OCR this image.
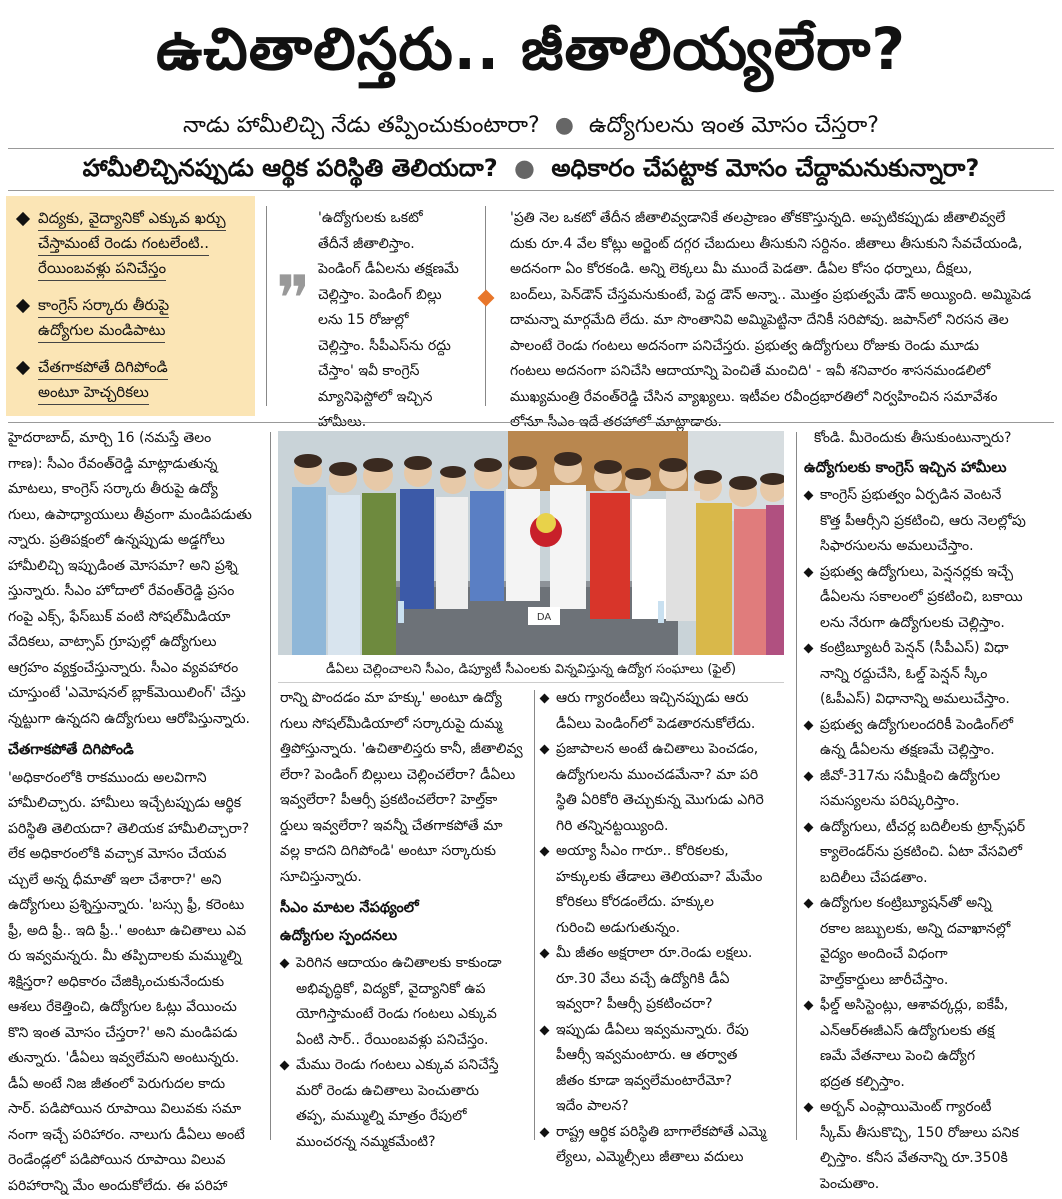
ఉచితాలిస్తరు.. జీతాలియ్యలేరా?
నాడు హామీలిచ్చి నేడు తప్పించుకుంటారా? ● ఉద్యోగులను ఇంత మోసం చేస్తరా?
హామీలిచ్చినప్పుడు ఆర్థిక పరిస్థితి తెలియదా? ● అధికారం చేపట్టాక మోసం చేద్దామనుకున్నారా?
విద్యకు, వైద్యానికో ఎక్కువ ఖర్చు చేస్తామంటే రెండు గంటలేంటి.. రేయింబవళ్లు పనిచేస్తం
కాంగ్రెస్ సర్కారు తీరుపై ఉద్యోగుల మండిపాటు
చేతగాకపోతే దిగిపోండి అంటూ హెచ్చరికలు
❞
'ఉద్యోగులకు ఒకటో
తేదీనే జీతాలిస్తాం.
పెండింగ్ డీఏలను తక్షణమే
చెల్లిస్తాం. పెండింగ్ బిల్లు
లను 15 రోజుల్లో
చెల్లిస్తాం. సీపీఎస్‌ను రద్దు
చేస్తాం' ఇవీ కాంగ్రెస్
మ్యానిఫెస్టోలో ఇచ్చిన
హామీలు.
'ప్రతి నెల ఒకటో తేదీన జీతాలివ్వడానికే తలప్రాణం తోకకొస్తున్నది. అప్పటికప్పుడు జీతాలివ్వలే
దుకు రూ.4 వేల కోట్లు అర్జెంట్ దగ్గర చేబదులు తీసుకుని సర్దినం. జీతాలు తీసుకుని సేవచేయండి,
అదనంగా ఏం కోరకండి. అన్ని లెక్కలు మీ ముందే పెడతా. డీఏల కోసం ధర్నాలు, దీక్షలు,
బంద్‌లు, పెన్‌డౌన్ చేస్తమనుకుంటే, పెద్ద డౌన్ అన్నా.. మొత్తం ప్రభుత్వమే డౌన్ అయ్యింది. అమ్మిపెడ
దామన్నా మార్గమేది లేదు. మా సొంతానివి అమ్మిపెట్టినా దేనికీ సరిపోవు. జపాన్‌లో నిరసన తెల
పాలంటే రెండు గంటలు అదనంగా పనిచేస్తరు. ప్రభుత్వ ఉద్యోగులు రోజుకు రెండు మూడు
గంటలు అదనంగా పనిచేసి ఆదాయాన్ని పెంచితే మంచిది' - ఇవీ శనివారం శాసనమండలిలో
ముఖ్యమంత్రి రేవంత్‌రెడ్డి చేసిన వ్యాఖ్యలు. ఇటీవల రవీంద్రభారతిలో నిర్వహించిన సమావేశం
లోనూ సీఎం ఇదే తరహాలో మాట్లాడారు.
హైదరాబాద్, మార్చి 16 (నమస్తే తెలం
గాణ): సీఎం రేవంత్‌రెడ్డి మాట్లాడుతున్న
మాటలు, కాంగ్రెస్ సర్కారు తీరుపై ఉద్యో
గులు, ఉపాధ్యాయులు తీవ్రంగా మండిపడుతు
న్నారు. ప్రతిపక్షంలో ఉన్నప్పుడు అడ్డగోలు
హామీలిచ్చి ఇప్పుడింత మోసమా? అని ప్రశ్ని
స్తున్నారు. సీఎం హోదాలో రేవంత్‌రెడ్డి ప్రసం
గంపై ఎక్స్, ఫేస్‌బుక్ వంటి సోషల్‌మీడియా
వేదికలు, వాట్సాప్ గ్రూపుల్లో ఉద్యోగులు
ఆగ్రహం వ్యక్తంచేస్తున్నారు. సీఎం వ్యవహారం
చూస్తుంటే 'ఎమోషనల్ బ్లాక్‌మెయిలింగ్' చేస్తు
న్నట్టుగా ఉన్నదని ఉద్యోగులు ఆరోపిస్తున్నారు.
చేతగాకపోతే దిగిపోండి
'అధికారంలోకి రాకముందు అలవిగాని
హామీలిచ్చారు. హామీలు ఇచ్చేటప్పుడు ఆర్థిక
పరిస్థితి తెలియదా? తెలియక హామీలిచ్చారా?
లేక అధికారంలోకి వచ్చాక మోసం చేయవ
చ్చులే అన్న ధీమాతో ఇలా చేశారా?' అని
ఉద్యోగులు ప్రశ్నిస్తున్నారు. 'బస్సు ఫ్రీ, కరెంటు
ఫ్రీ, అది ఫ్రీ.. ఇది ఫ్రీ..' అంటూ ఉచితాలు ఎవ
రు ఇవ్వమన్నరు. మీ తప్పిదాలకు మమ్ముల్ని
శిక్షిస్తరా? అధికారం చేజిక్కించుకునేందుకు
ఆశలు రేకెత్తించి, ఉద్యోగుల ఓట్లు వేయించు
కొని ఇంత మోసం చేస్తరా?' అని మండిపడు
తున్నారు. 'డీఏలు ఇవ్వలేమని అంటున్నరు.
డీఏ అంటే నిజ జీతంలో పెరుగుదల కాదు
సార్. పడిపోయిన రూపాయి విలువకు సమా
నంగా ఇచ్చే పరిహారం. నాలుగు డీఏలు అంటే
రెండేండ్లలో పడిపోయిన రూపాయి విలువ
పరిహారాన్ని మేం అందుకోలేదు. ఈ పరిహా
DA
డీఏలు చెల్లించాలని సీఎం, డిప్యూటీ సీఎంలకు విన్నవిస్తున్న ఉద్యోగ సంఘాలు (ఫైల్)
రాన్ని పొందడం మా హక్కు' అంటూ ఉద్యో
గులు సోషల్‌మీడియాలో సర్కారుపై దుమ్మ
త్తిపోస్తున్నారు. 'ఉచితాలిస్తరు కానీ, జీతాలివ్వ
లేరా? పెండింగ్ బిల్లులు చెల్లించలేరా? డీఏలు
ఇవ్వలేరా? పీఆర్సీ ప్రకటించలేరా? హెల్త్‌కా
ర్డులు ఇవ్వలేరా? ఇవన్నీ చేతగాకపోతే మా
వల్ల కాదని దిగిపోండి' అంటూ సర్కారుకు
సూచిస్తున్నారు.
సీఎం మాటల నేపథ్యంలో
ఉద్యోగుల స్పందనలు
పెరిగిన ఆదాయం ఉచితాలకు కాకుండా
అభివృద్ధికో, విద్యకో, వైద్యానికో ఉప
యోగిస్తామంటే రెండు గంటలు ఎక్కువ
ఏంటి సార్.. రేయింబవళ్లు పనిచేస్తం.
మేము రెండు గంటలు ఎక్కువ పనిచేస్తే
మరో రెండు ఉచితాలు పెంచుతారు
తప్ప, మమ్ముల్ని మాత్రం రేపులో
ముంచరన్న నమ్మకమేంటి?
ఆరు గ్యారంటీలు ఇచ్చినప్పుడు ఆరు
డీఏలు పెండింగ్‌లో పెడతారనుకోలేదు.
ప్రజాపాలన అంటే ఉచితాలు పెంచడం,
ఉద్యోగులను ముంచడమేనా? మా పరి
స్థితి ఏరికోరి తెచ్చుకున్న మొగుడు ఎగిరె
గిరి తన్నినట్టయ్యింది.
అయ్యా సీఎం గారూ.. కోరికలకు,
హక్కులకు తేడాలు తెలియవా? మేమేం
కోరికలు కోరడంలేదు. హక్కుల
గురించి అడుగుతున్నం.
మీ జీతం అక్షరాలా రూ.రెండు లక్షలు.
రూ.30 వేలు వచ్చే ఉద్యోగికి డీఏ
ఇవ్వరా? పీఆర్సీ ప్రకటించరా?
ఇప్పుడు డీఏలు ఇవ్వమన్నారు. రేపు
పీఆర్సీ ఇవ్వమంటారు. ఆ తర్వాత
జీతం కూడా ఇవ్వలేమంటారేమో?
ఇదేం పాలన?
రాష్ట్ర ఆర్థిక పరిస్థితి బాగాలేకపోతే ఎమ్మె
ల్యేలు, ఎమ్మెల్సీలు జీతాలు వదులు
కోండి. మీరెందుకు తీసుకుంటున్నారు?
ఉద్యోగులకు కాంగ్రెస్ ఇచ్చిన హామీలు
కాంగ్రెస్ ప్రభుత్వం ఏర్పడిన వెంటనే
కొత్త పీఆర్సీని ప్రకటించి, ఆరు నెలల్లోపు
సిఫారసులను అమలుచేస్తాం.
ప్రభుత్వ ఉద్యోగులు, పెన్షనర్లకు ఇచ్చే
డీఏలను సకాలంలో ప్రకటించి, బకాయి
లను నేరుగా ఉద్యోగులకు చెల్లిస్తాం.
కంట్రిబ్యూటరీ పెన్షన్ (సీపీఎస్) విధా
నాన్ని రద్దుచేసి, ఓల్డ్ పెన్షన్ స్కీం
(ఓపీఎస్) విధానాన్ని అమలుచేస్తాం.
ప్రభుత్వ ఉద్యోగులందరికీ పెండింగ్‌లో
ఉన్న డీఏలను తక్షణమే చెల్లిస్తాం.
జీవో-317ను సమీక్షించి ఉద్యోగుల
సమస్యలను పరిష్కరిస్తాం.
ఉద్యోగులు, టీచర్ల బదిలీలకు ట్రాన్స్‌ఫర్
క్యాలెండర్‌ను ప్రకటించి. ఏటా వేసవిలో
బదిలీలు చేపడతాం.
ఉద్యోగుల కంట్రిబ్యూషన్‌తో అన్ని
రకాల జబ్బులకు, అన్ని దవాఖానల్లో
వైద్యం అందించే విధంగా
హెల్త్‌కార్డులు జారీచేస్తాం.
ఫీల్డ్ అసిస్టెంట్లు, ఆశావర్కర్లు, ఐకేపీ,
ఎన్ఆర్ఈజీఎస్ ఉద్యోగులకు తక్ష
ణమే వేతనాలు పెంచి ఉద్యోగ
భద్రత కల్పిస్తాం.
అర్బన్ ఎంప్లాయిమెంట్ గ్యారంటీ
స్కీమ్ తీసుకొచ్చి, 150 రోజులు పనిక
ల్పిస్తాం. కనీస వేతనాన్ని రూ.350కి
పెంచుతాం.
